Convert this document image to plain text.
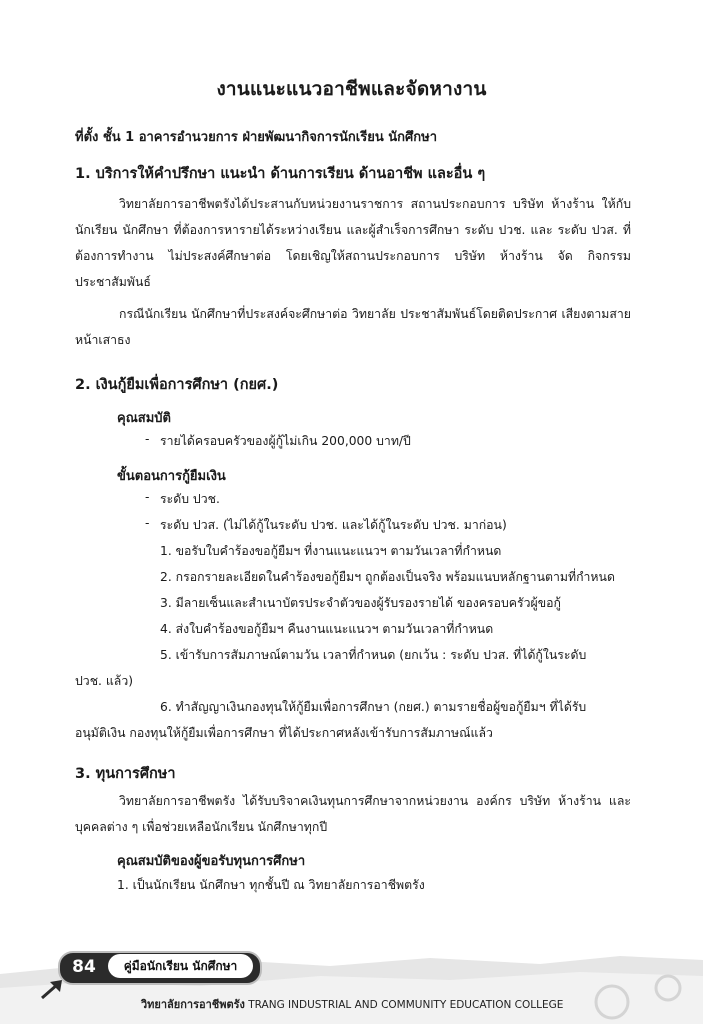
งานแนะแนวอาชีพและจัดหางาน
ที่ตั้ง ชั้น 1 อาคารอำนวยการ ฝ่ายพัฒนากิจการนักเรียน นักศึกษา
1. บริการให้คำปรึกษา แนะนำ ด้านการเรียน ด้านอาชีพ และอื่น ๆ

วิทยาลัยการอาชีพตรังได้ประสานกับหน่วยงานราชการ สถานประกอบการ บริษัท ห้างร้าน ให้กับนักเรียน นักศึกษา ที่ต้องการหารายได้ระหว่างเรียน และผู้สำเร็จการศึกษา ระดับ ปวช. และ ระดับ ปวส. ที่ต้องการทำงาน ไม่ประสงค์ศึกษาต่อ โดยเชิญให้สถานประกอบการ บริษัท ห้างร้าน จัด กิจกรรมประชาสัมพันธ์

กรณีนักเรียน นักศึกษาที่ประสงค์จะศึกษาต่อ วิทยาลัย ประชาสัมพันธ์โดยติดประกาศ เสียงตามสาย หน้าเสาธง

2. เงินกู้ยืมเพื่อการศึกษา (กยศ.)
คุณสมบัติ
- รายได้ครอบครัวของผู้กู้ไม่เกิน 200,000 บาท/ปี
ขั้นตอนการกู้ยืมเงิน
- ระดับ ปวช.
- ระดับ ปวส. (ไม่ได้กู้ในระดับ ปวช. และได้กู้ในระดับ ปวช. มาก่อน)
1. ขอรับใบคำร้องขอกู้ยืมฯ ที่งานแนะแนวฯ ตามวันเวลาที่กำหนด
2. กรอกรายละเอียดในคำร้องขอกู้ยืมฯ ถูกต้องเป็นจริง พร้อมแนบหลักฐานตามที่กำหนด
3. มีลายเซ็นและสำเนาบัตรประจำตัวของผู้รับรองรายได้ ของครอบครัวผู้ขอกู้
4. ส่งใบคำร้องขอกู้ยืมฯ คืนงานแนะแนวฯ ตามวันเวลาที่กำหนด
5. เข้ารับการสัมภาษณ์ตามวัน เวลาที่กำหนด (ยกเว้น : ระดับ ปวส. ที่ได้กู้ในระดับ
ปวช. แล้ว)
6. ทำสัญญาเงินกองทุนให้กู้ยืมเพื่อการศึกษา (กยศ.) ตามรายชื่อผู้ขอกู้ยืมฯ ที่ได้รับ
อนุมัติเงิน กองทุนให้กู้ยืมเพื่อการศึกษา ที่ได้ประกาศหลังเข้ารับการสัมภาษณ์แล้ว
3. ทุนการศึกษา

วิทยาลัยการอาชีพตรัง ได้รับบริจาคเงินทุนการศึกษาจากหน่วยงาน องค์กร บริษัท ห้างร้าน และบุคคลต่าง ๆ เพื่อช่วยเหลือนักเรียน นักศึกษาทุกปี

คุณสมบัติของผู้ขอรับทุนการศึกษา
1. เป็นนักเรียน นักศึกษา ทุกชั้นปี ณ วิทยาลัยการอาชีพตรัง
84	คู่มือนักเรียน นักศึกษา
วิทยาลัยการอาชีพตรัง TRANG INDUSTRIAL AND COMMUNITY EDUCATION COLLEGE
